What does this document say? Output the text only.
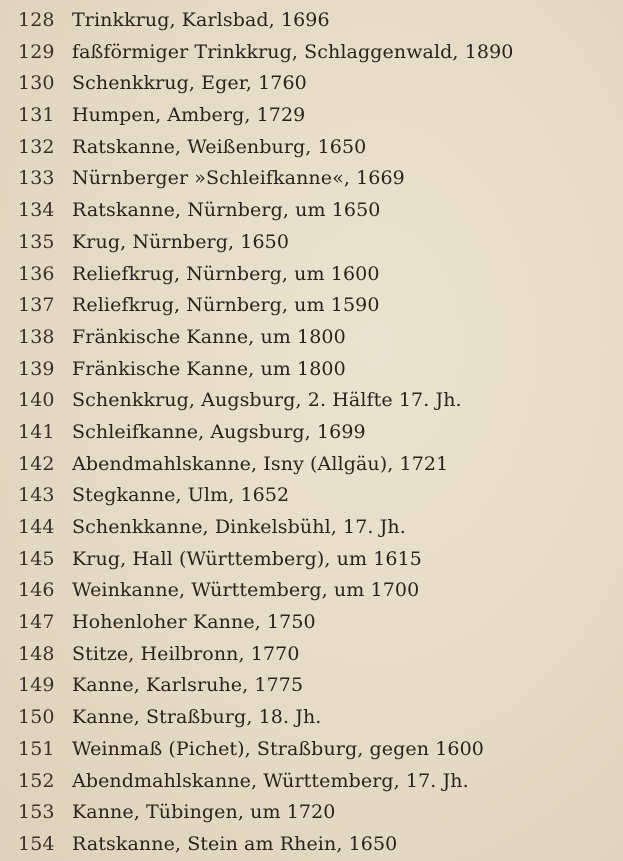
128 Trinkkrug, Karlsbad, 1696
129 faßförmiger Trinkkrug, Schlaggenwald, 1890
130 Schenkkrug, Eger, 1760
131 Humpen, Amberg, 1729
132 Ratskanne, Weißenburg, 1650
133 Nürnberger »Schleifkanne«, 1669
134 Ratskanne, Nürnberg, um 1650
135 Krug, Nürnberg, 1650
136 Reliefkrug, Nürnberg, um 1600
137 Reliefkrug, Nürnberg, um 1590
138 Fränkische Kanne, um 1800
139 Fränkische Kanne, um 1800
140 Schenkkrug, Augsburg, 2. Hälfte 17. Jh.
141 Schleifkanne, Augsburg, 1699
142 Abendmahlskanne, Isny (Allgäu), 1721
143 Stegkanne, Ulm, 1652
144 Schenkkanne, Dinkelsbühl, 17. Jh.
145 Krug, Hall (Württemberg), um 1615
146 Weinkanne, Württemberg, um 1700
147 Hohenloher Kanne, 1750
148 Stitze, Heilbronn, 1770
149 Kanne, Karlsruhe, 1775
150 Kanne, Straßburg, 18. Jh.
151 Weinmaß (Pichet), Straßburg, gegen 1600
152 Abendmahlskanne, Württemberg, 17. Jh.
153 Kanne, Tübingen, um 1720
154 Ratskanne, Stein am Rhein, 1650
